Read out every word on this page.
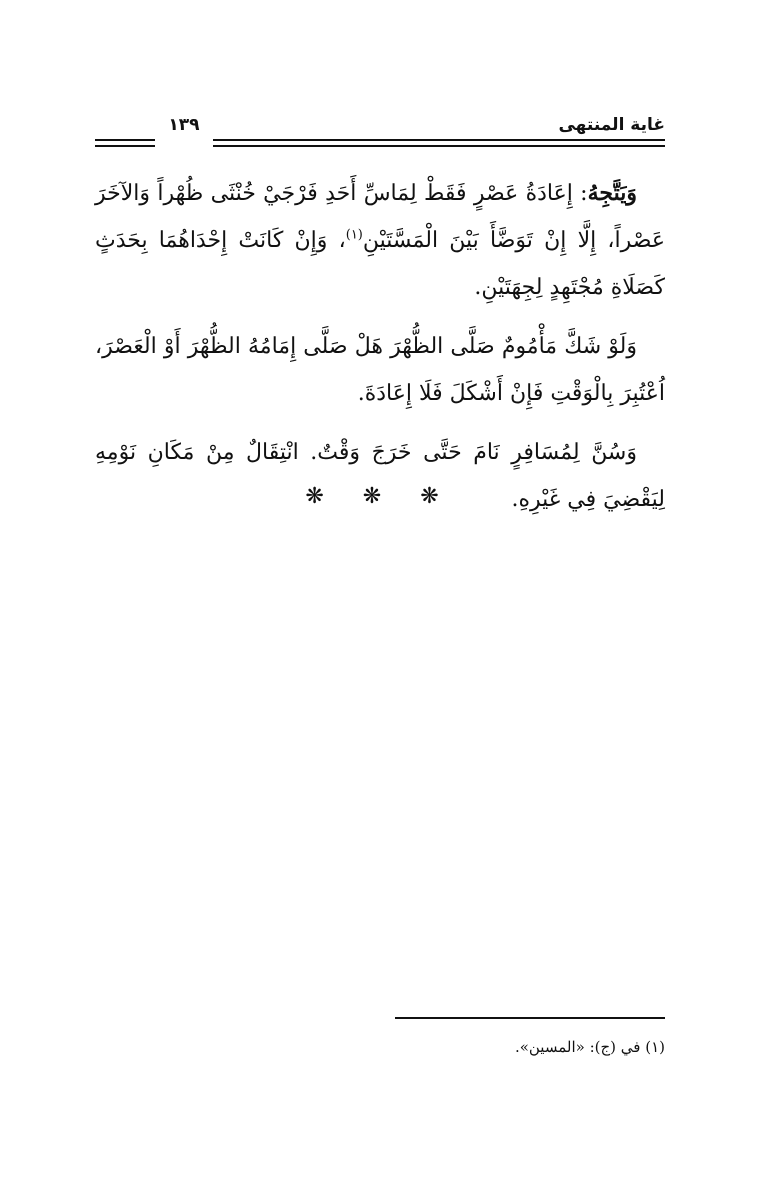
غاية المنتهى
١٣٩

وَيَتَّجِهُ: إِعَادَةُ عَصْرٍ فَقَطْ لِمَاسِّ أَحَدِ فَرْجَيْ خُنْثَى ظُهْراً وَالآخَرَ عَصْراً، إِلَّا إِنْ تَوَضَّأَ بَيْنَ الْمَسَّتَيْنِ$^{(١)}$، وَإِنْ كَانَتْ إِحْدَاهُمَا بِحَدَثٍ كَصَلَاةِ مُجْتَهِدٍ لِجِهَتَيْنِ.

وَلَوْ شَكَّ مَأْمُومٌ صَلَّى الظُّهْرَ هَلْ صَلَّى إِمَامُهُ الظُّهْرَ أَوْ الْعَصْرَ، اُعْتُبِرَ بِالْوَقْتِ فَإِنْ أَشْكَلَ فَلَا إِعَادَةَ.

وَسُنَّ لِمُسَافِرٍ نَامَ حَتَّى خَرَجَ وَقْتٌ. انْتِقَالٌ مِنْ مَكَانِ نَوْمِهِ لِيَقْضِيَ فِي غَيْرِهِ.

❋ ❋ ❋
(١) في (ج): «المسين».
